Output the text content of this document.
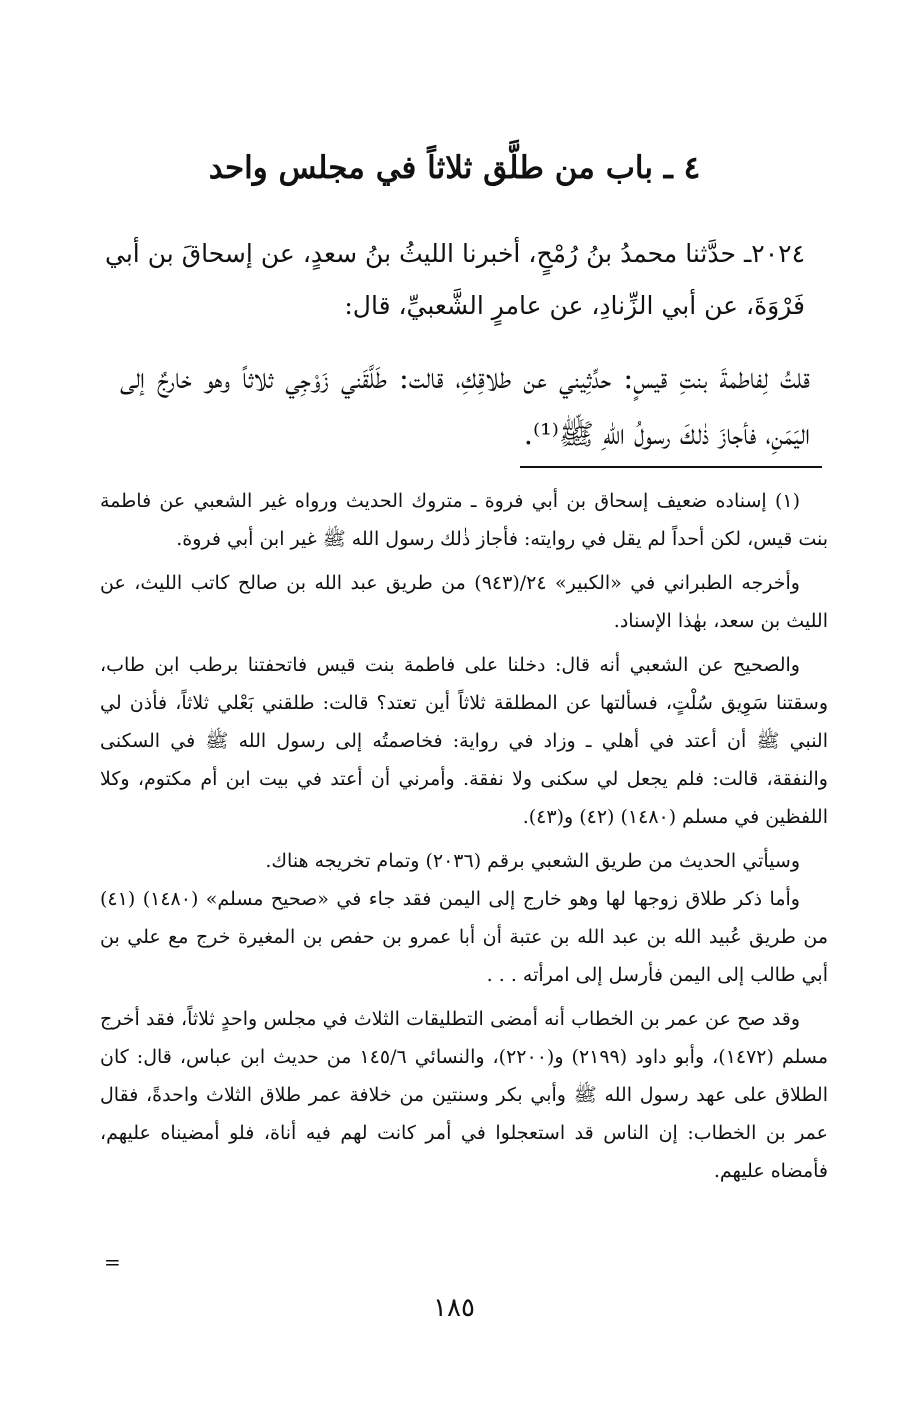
٤ ـ باب من طلَّق ثلاثاً في مجلس واحد
٢٠٢٤ـ حدَّثنا محمدُ بنُ رُمْحٍ، أخبرنا الليثُ بنُ سعدٍ، عن إسحاقَ بن أبي فَرْوَةَ، عن أبي الزِّنادِ، عن عامرٍ الشَّعبيِّ، قال:
قلتُ لِفاطمةَ بنتِ قيسٍ: حدِّثِيني عن طلاقِكِ، قالت: طَلَّقَني زَوْجِي ثلاثاً وهو خارجٌ إلى اليَمَنِ، فأجازَ ذٰلكَ رسولُ اللهِ ﷺ⁽¹⁾.

(١) إسناده ضعيف إسحاق بن أبي فروة ـ متروك الحديث ورواه غير الشعبي عن فاطمة بنت قيس، لكن أحداً لم يقل في روايته: فأجاز ذٰلك رسول الله ﷺ غير ابن أبي فروة.

وأخرجه الطبراني في «الكبير» ٢٤/(٩٤٣) من طريق عبد الله بن صالح كاتب الليث، عن الليث بن سعد، بهٰذا الإسناد.

والصحيح عن الشعبي أنه قال: دخلنا على فاطمة بنت قيس فاتحفتنا برطب ابن طاب، وسقتنا سَوِيق سُلْتٍ، فسألتها عن المطلقة ثلاثاً أين تعتد؟ قالت: طلقني بَعْلي ثلاثاً، فأذن لي النبي ﷺ أن أعتد في أهلي ـ وزاد في رواية: فخاصمتُه إلى رسول الله ﷺ في السكنى والنفقة، قالت: فلم يجعل لي سكنى ولا نفقة. وأمرني أن أعتد في بيت ابن أم مكتوم، وكلا اللفظين في مسلم (١٤٨٠) (٤٢) و(٤٣).

وسيأتي الحديث من طريق الشعبي برقم (٢٠٣٦) وتمام تخريجه هناك.

وأما ذكر طلاق زوجها لها وهو خارج إلى اليمن فقد جاء في «صحيح مسلم» (١٤٨٠) (٤١) من طريق عُبيد الله بن عبد الله بن عتبة أن أبا عمرو بن حفص بن المغيرة خرج مع علي بن أبي طالب إلى اليمن فأرسل إلى امرأته . . .

وقد صح عن عمر بن الخطاب أنه أمضى التطليقات الثلاث في مجلس واحدٍ ثلاثاً، فقد أخرج مسلم (١٤٧٢)، وأبو داود (٢١٩٩) و(٢٢٠٠)، والنسائي ١٤٥/٦ من حديث ابن عباس، قال: كان الطلاق على عهد رسول الله ﷺ وأبي بكر وسنتين من خلافة عمر طلاق الثلاث واحدةً، فقال عمر بن الخطاب: إن الناس قد استعجلوا في أمر كانت لهم فيه أناة، فلو أمضيناه عليهم، فأمضاه عليهم.

=
١٨٥
